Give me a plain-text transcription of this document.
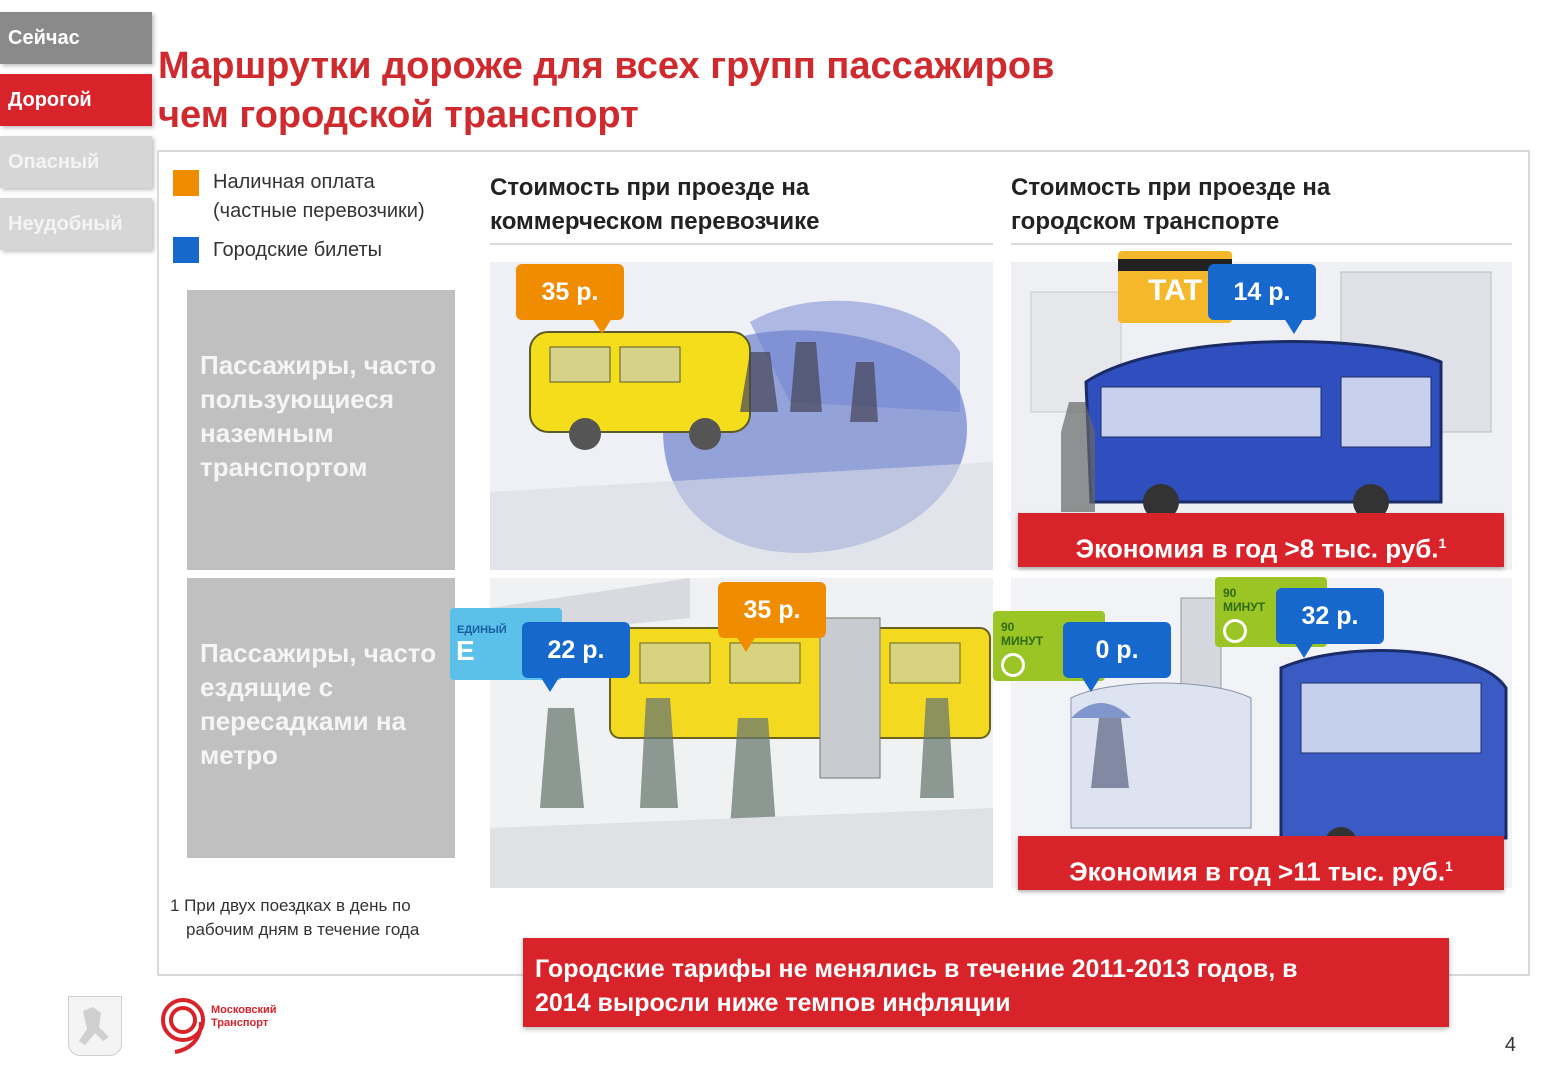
Сейчас
Дорогой
Опасный
Неудобный
Маршрутки дороже для всех групп пассажиров
чем городской транспорт
Наличная оплата
(частные перевозчики)
Городские билеты
Пассажиры, часто пользующиеся наземным транспортом
Пассажиры, часто ездящие с пересадками на метро
1 При двух поездках в день по
рабочим дням в течение года
Стоимость при проезде на
коммерческом перевозчике
Стоимость при проезде на
городском транспорте
TAT
ЕДИНЫЙ
Е
90
МИНУТ
90
МИНУТ
35 р.	14 р.
35 р.
22 р.	0 р.
32 р.
Экономия в год >8 тыс. руб.$^1$
Экономия в год >11 тыс. руб.$^1$
Городские тарифы не менялись в течение 2011-2013 годов, в
2014 выросли ниже темпов инфляции
Московский
Транспорт
4
